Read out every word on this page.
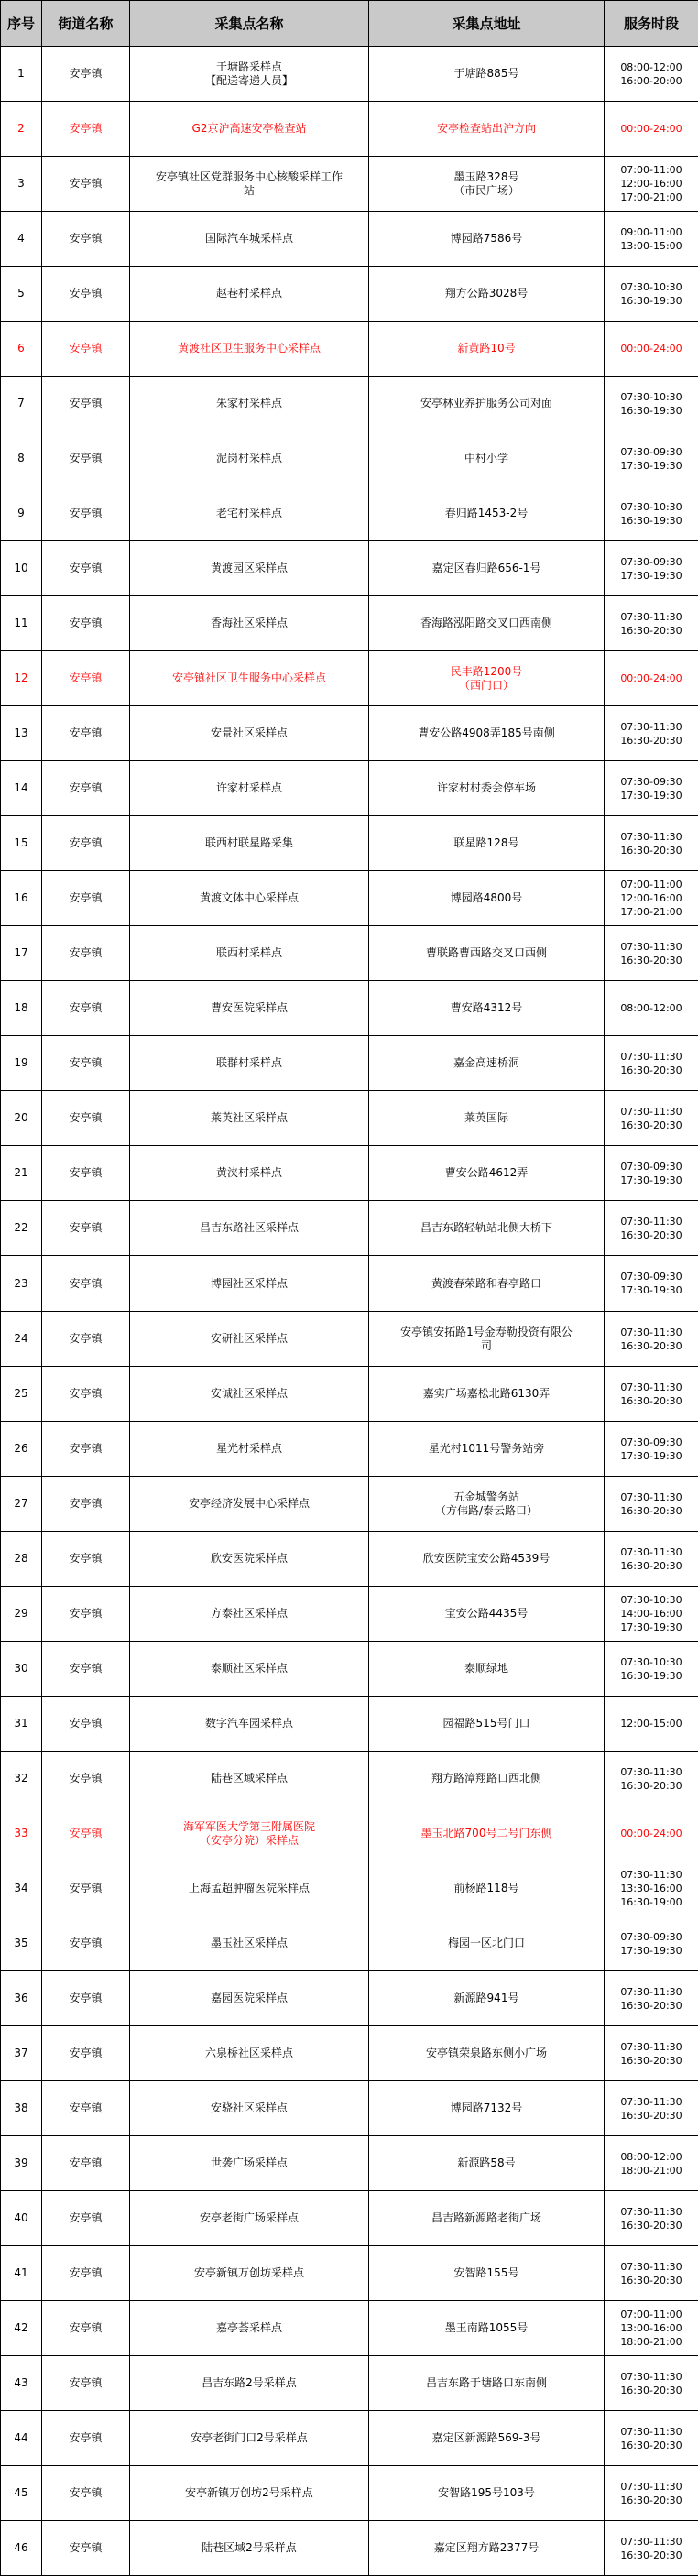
序号	街道名称	采集点名称	采集点地址	服务时段
1	安亭镇	于塘路采样点
【配送寄递人员】	于塘路885号	08:00-12:00
16:00-20:00

2	安亭镇	G2京沪高速安亭检查站	安亭检查站出沪方向	00:00-24:00

3	安亭镇	安亭镇社区党群服务中心核酸采样工作
站	墨玉路328号
（市民广场）	07:00-11:00
12:00-16:00
17:00-21:00

4	安亭镇	国际汽车城采样点	博园路7586号	09:00-11:00
13:00-15:00

5	安亭镇	赵巷村采样点	翔方公路3028号	07:30-10:30
16:30-19:30

6	安亭镇	黄渡社区卫生服务中心采样点	新黄路10号	00:00-24:00

7	安亭镇	朱家村采样点	安亭林业养护服务公司对面	07:30-10:30
16:30-19:30

8	安亭镇	泥岗村采样点	中村小学	07:30-09:30
17:30-19:30

9	安亭镇	老宅村采样点	春归路1453-2号	07:30-10:30
16:30-19:30

10	安亭镇	黄渡园区采样点	嘉定区春归路656-1号	07:30-09:30
17:30-19:30

11	安亭镇	香海社区采样点	香海路泓阳路交叉口西南侧	07:30-11:30
16:30-20:30

12	安亭镇	安亭镇社区卫生服务中心采样点	民丰路1200号
（西门口）	00:00-24:00

13	安亭镇	安景社区采样点	曹安公路4908弄185号南侧	07:30-11:30
16:30-20:30

14	安亭镇	许家村采样点	许家村村委会停车场	07:30-09:30
17:30-19:30

15	安亭镇	联西村联星路采集	联星路128号	07:30-11:30
16:30-20:30

16	安亭镇	黄渡文体中心采样点	博园路4800号	07:00-11:00
12:00-16:00
17:00-21:00

17	安亭镇	联西村采样点	曹联路曹西路交叉口西侧	07:30-11:30
16:30-20:30

18	安亭镇	曹安医院采样点	曹安路4312号	08:00-12:00

19	安亭镇	联群村采样点	嘉金高速桥洞	07:30-11:30
16:30-20:30

20	安亭镇	莱英社区采样点	莱英国际	07:30-11:30
16:30-20:30

21	安亭镇	黄浃村采样点	曹安公路4612弄	07:30-09:30
17:30-19:30

22	安亭镇	昌吉东路社区采样点	昌吉东路轻轨站北侧大桥下	07:30-11:30
16:30-20:30

23	安亭镇	博园社区采样点	黄渡春荣路和春亭路口	07:30-09:30
17:30-19:30

24	安亭镇	安研社区采样点	安亭镇安拓路1号金寿勒投资有限公
司	07:30-11:30
16:30-20:30

25	安亭镇	安诚社区采样点	嘉实广场嘉松北路6130弄	07:30-11:30
16:30-20:30

26	安亭镇	星光村采样点	星光村1011号警务站旁	07:30-09:30
17:30-19:30

27	安亭镇	安亭经济发展中心采样点	五金城警务站
（方伟路/泰云路口）	07:30-11:30
16:30-20:30

28	安亭镇	欣安医院采样点	欣安医院宝安公路4539号	07:30-11:30
16:30-20:30

29	安亭镇	方泰社区采样点	宝安公路4435号	07:30-10:30
14:00-16:00
17:30-19:30

30	安亭镇	泰顺社区采样点	泰顺绿地	07:30-10:30
16:30-19:30

31	安亭镇	数字汽车园采样点	园福路515号门口	12:00-15:00

32	安亭镇	陆巷区域采样点	翔方路漳翔路口西北侧	07:30-11:30
16:30-20:30

33	安亭镇	海军军医大学第三附属医院
（安亭分院）采样点	墨玉北路700号二号门东侧	00:00-24:00

34	安亭镇	上海孟超肿瘤医院采样点	前杨路118号	07:30-11:30
13:30-16:00
16:30-19:00

35	安亭镇	墨玉社区采样点	梅园一区北门口	07:30-09:30
17:30-19:30

36	安亭镇	嘉园医院采样点	新源路941号	07:30-11:30
16:30-20:30

37	安亭镇	六泉桥社区采样点	安亭镇荣泉路东侧小广场	07:30-11:30
16:30-20:30

38	安亭镇	安骁社区采样点	博园路7132号	07:30-11:30
16:30-20:30

39	安亭镇	世袭广场采样点	新源路58号	08:00-12:00
18:00-21:00

40	安亭镇	安亭老街广场采样点	昌吉路新源路老街广场	07:30-11:30
16:30-20:30

41	安亭镇	安亭新镇万创坊采样点	安智路155号	07:30-11:30
16:30-20:30

42	安亭镇	嘉亭荟采样点	墨玉南路1055号	07:00-11:00
13:00-16:00
18:00-21:00

43	安亭镇	昌吉东路2号采样点	昌吉东路于塘路口东南侧	07:30-11:30
16:30-20:30

44	安亭镇	安亭老街门口2号采样点	嘉定区新源路569-3号	07:30-11:30
16:30-20:30

45	安亭镇	安亭新镇万创坊2号采样点	安智路195号103号	07:30-11:30
16:30-20:30

46	安亭镇	陆巷区域2号采样点	嘉定区翔方路2377号	07:30-11:30
16:30-20:30
